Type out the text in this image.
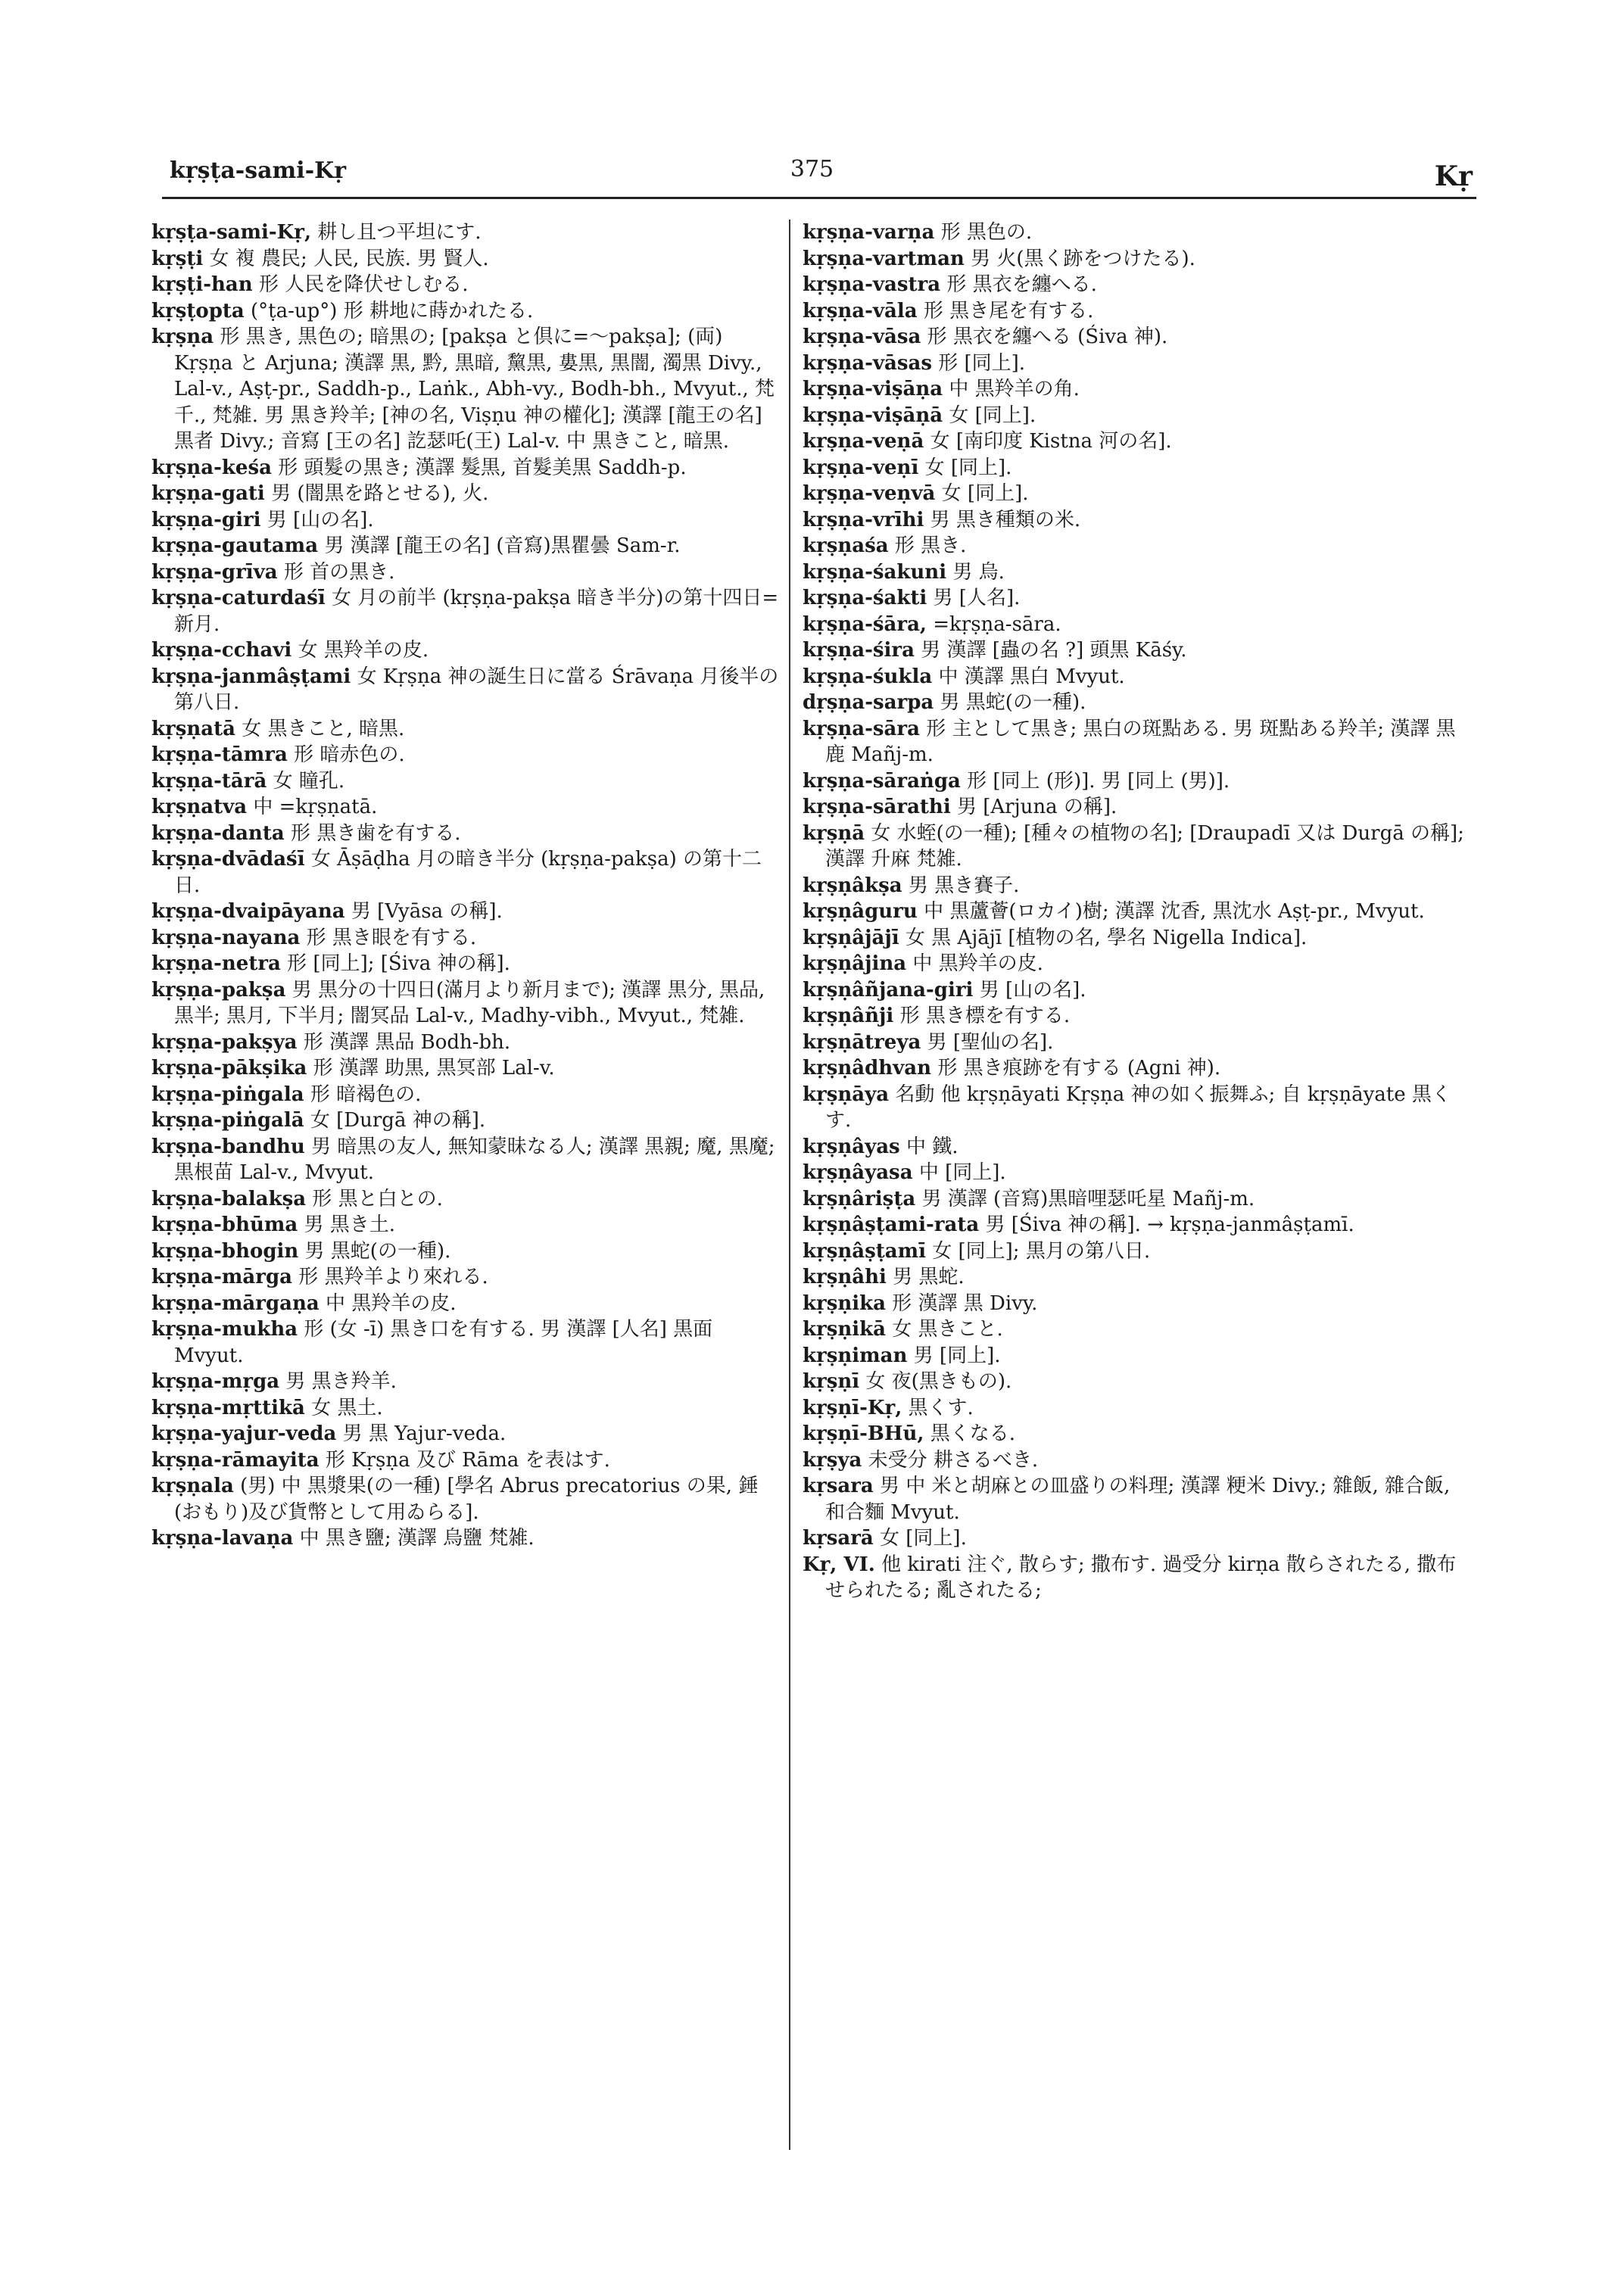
kṛṣṭa-sami-Kṛ	375	Kṛ

kṛṣṭa-sami-Kṛ, 耕し且つ平坦にす.

kṛṣṭi 女 複 農民; 人民, 民族. 男 賢人.

kṛṣṭi-han 形 人民を降伏せしむる.

kṛṣṭopta (°ṭa-up°) 形 耕地に蒔かれたる.

kṛṣṇa 形 黒き, 黒色の; 暗黒の; [pakṣa と倶に=〜pakṣa]; (両) Kṛṣṇa と Arjuna; 漢譯 黒, 黔, 黒暗, 黧黒, 婁黒, 黒闇, 濁黒 Divy., Lal-v., Aṣṭ-pr., Saddh-p., Laṅk., Abh-vy., Bodh-bh., Mvyut., 梵千., 梵雑. 男 黒き羚羊; [神の名, Viṣṇu 神の權化]; 漢譯 [龍王の名] 黒者 Divy.; 音寫 [王の名] 訖瑟吒(王) Lal-v. 中 黒きこと, 暗黒.

kṛṣṇa-keśa 形 頭髮の黒き; 漢譯 髮黒, 首髮美黒 Saddh-p.

kṛṣṇa-gati 男 (闇黒を路とせる), 火.

kṛṣṇa-giri 男 [山の名].

kṛṣṇa-gautama 男 漢譯 [龍王の名] (音寫)黒瞿曇 Sam-r.

kṛṣṇa-grīva 形 首の黒き.

kṛṣṇa-caturdaśī 女 月の前半 (kṛṣṇa-pakṣa 暗き半分)の第十四日=新月.

kṛṣṇa-cchavi 女 黒羚羊の皮.

kṛṣṇa-janmâṣṭami 女 Kṛṣṇa 神の誕生日に當る Śrāvaṇa 月後半の第八日.

kṛṣṇatā 女 黒きこと, 暗黒.

kṛṣṇa-tāmra 形 暗赤色の.

kṛṣṇa-tārā 女 瞳孔.

kṛṣṇatva 中 =kṛṣṇatā.

kṛṣṇa-danta 形 黒き歯を有する.

kṛṣṇa-dvādaśī 女 Āṣāḍha 月の暗き半分 (kṛṣṇa-pakṣa) の第十二日.

kṛṣṇa-dvaipāyana 男 [Vyāsa の稱].

kṛṣṇa-nayana 形 黒き眼を有する.

kṛṣṇa-netra 形 [同上]; [Śiva 神の稱].

kṛṣṇa-pakṣa 男 黒分の十四日(滿月より新月まで); 漢譯 黒分, 黒品, 黒半; 黒月, 下半月; 闇冥品 Lal-v., Madhy-vibh., Mvyut., 梵雑.

kṛṣṇa-pakṣya 形 漢譯 黒品 Bodh-bh.

kṛṣṇa-pākṣika 形 漢譯 助黒, 黒冥部 Lal-v.

kṛṣṇa-piṅgala 形 暗褐色の.

kṛṣṇa-piṅgalā 女 [Durgā 神の稱].

kṛṣṇa-bandhu 男 暗黒の友人, 無知蒙昧なる人; 漢譯 黒親; 魔, 黒魔; 黒根苗 Lal-v., Mvyut.

kṛṣṇa-balakṣa 形 黒と白との.

kṛṣṇa-bhūma 男 黒き土.

kṛṣṇa-bhogin 男 黒蛇(の一種).

kṛṣṇa-mārga 形 黒羚羊より來れる.

kṛṣṇa-mārgaṇa 中 黒羚羊の皮.

kṛṣṇa-mukha 形 (女 -ī) 黒き口を有する. 男 漢譯 [人名] 黒面 Mvyut.

kṛṣṇa-mṛga 男 黒き羚羊.

kṛṣṇa-mṛttikā 女 黒土.

kṛṣṇa-yajur-veda 男 黒 Yajur-veda.

kṛṣṇa-rāmayita 形 Kṛṣṇa 及び Rāma を表はす.

kṛṣṇala (男) 中 黒漿果(の一種) [學名 Abrus precatorius の果, 錘(おもり)及び貨幣として用ゐらる].

kṛṣṇa-lavaṇa 中 黒き鹽; 漢譯 烏鹽 梵雑.

kṛṣṇa-varṇa 形 黒色の.

kṛṣṇa-vartman 男 火(黒く跡をつけたる).

kṛṣṇa-vastra 形 黒衣を纏へる.

kṛṣṇa-vāla 形 黒き尾を有する.

kṛṣṇa-vāsa 形 黒衣を纏へる (Śiva 神).

kṛṣṇa-vāsas 形 [同上].

kṛṣṇa-viṣāṇa 中 黒羚羊の角.

kṛṣṇa-viṣāṇā 女 [同上].

kṛṣṇa-veṇā 女 [南印度 Kistna 河の名].

kṛṣṇa-veṇī 女 [同上].

kṛṣṇa-veṇvā 女 [同上].

kṛṣṇa-vrīhi 男 黒き種類の米.

kṛṣṇaśa 形 黒き.

kṛṣṇa-śakuni 男 烏.

kṛṣṇa-śakti 男 [人名].

kṛṣṇa-śāra, =kṛṣṇa-sāra.

kṛṣṇa-śira 男 漢譯 [蟲の名 ?] 頭黒 Kāśy.

kṛṣṇa-śukla 中 漢譯 黒白 Mvyut.

dṛṣṇa-sarpa 男 黒蛇(の一種).

kṛṣṇa-sāra 形 主として黒き; 黒白の斑點ある. 男 斑點ある羚羊; 漢譯 黒鹿 Mañj-m.

kṛṣṇa-sāraṅga 形 [同上 (形)]. 男 [同上 (男)].

kṛṣṇa-sārathi 男 [Arjuna の稱].

kṛṣṇā 女 水蛭(の一種); [種々の植物の名]; [Draupadī 又は Durgā の稱]; 漢譯 升麻 梵雑.

kṛṣṇâkṣa 男 黒き賽子.

kṛṣṇâguru 中 黒蘆薈(ロカイ)樹; 漢譯 沈香, 黒沈水 Aṣṭ-pr., Mvyut.

kṛṣṇâjājī 女 黒 Ajājī [植物の名, 學名 Nigella Indica].

kṛṣṇâjina 中 黒羚羊の皮.

kṛṣṇâñjana-giri 男 [山の名].

kṛṣṇâñji 形 黒き標を有する.

kṛṣṇātreya 男 [聖仙の名].

kṛṣṇâdhvan 形 黒き痕跡を有する (Agni 神).

kṛṣṇāya 名動 他 kṛṣṇāyati Kṛṣṇa 神の如く振舞ふ; 自 kṛṣṇāyate 黒くす.

kṛṣṇâyas 中 鐵.

kṛṣṇâyasa 中 [同上].

kṛṣṇâriṣṭa 男 漢譯 (音寫)黒暗哩瑟吒星 Mañj-m.

kṛṣṇâṣṭami-rata 男 [Śiva 神の稱]. → kṛṣṇa-janmâṣṭamī.

kṛṣṇâṣṭamī 女 [同上]; 黒月の第八日.

kṛṣṇâhi 男 黒蛇.

kṛṣṇika 形 漢譯 黒 Divy.

kṛṣṇikā 女 黒きこと.

kṛṣṇiman 男 [同上].

kṛṣṇī 女 夜(黒きもの).

kṛṣṇī-Kṛ, 黒くす.

kṛṣṇī-BHū, 黒くなる.

kṛṣya 未受分 耕さるべき.

kṛsara 男 中 米と胡麻との皿盛りの料理; 漢譯 粳米 Divy.; 雜飯, 雜合飯, 和合麵 Mvyut.

kṛsarā 女 [同上].

Kṛ, VI. 他 kirati 注ぐ, 散らす; 撒布す. 過受分 kirṇa 散らされたる, 撒布せられたる; 亂されたる;
